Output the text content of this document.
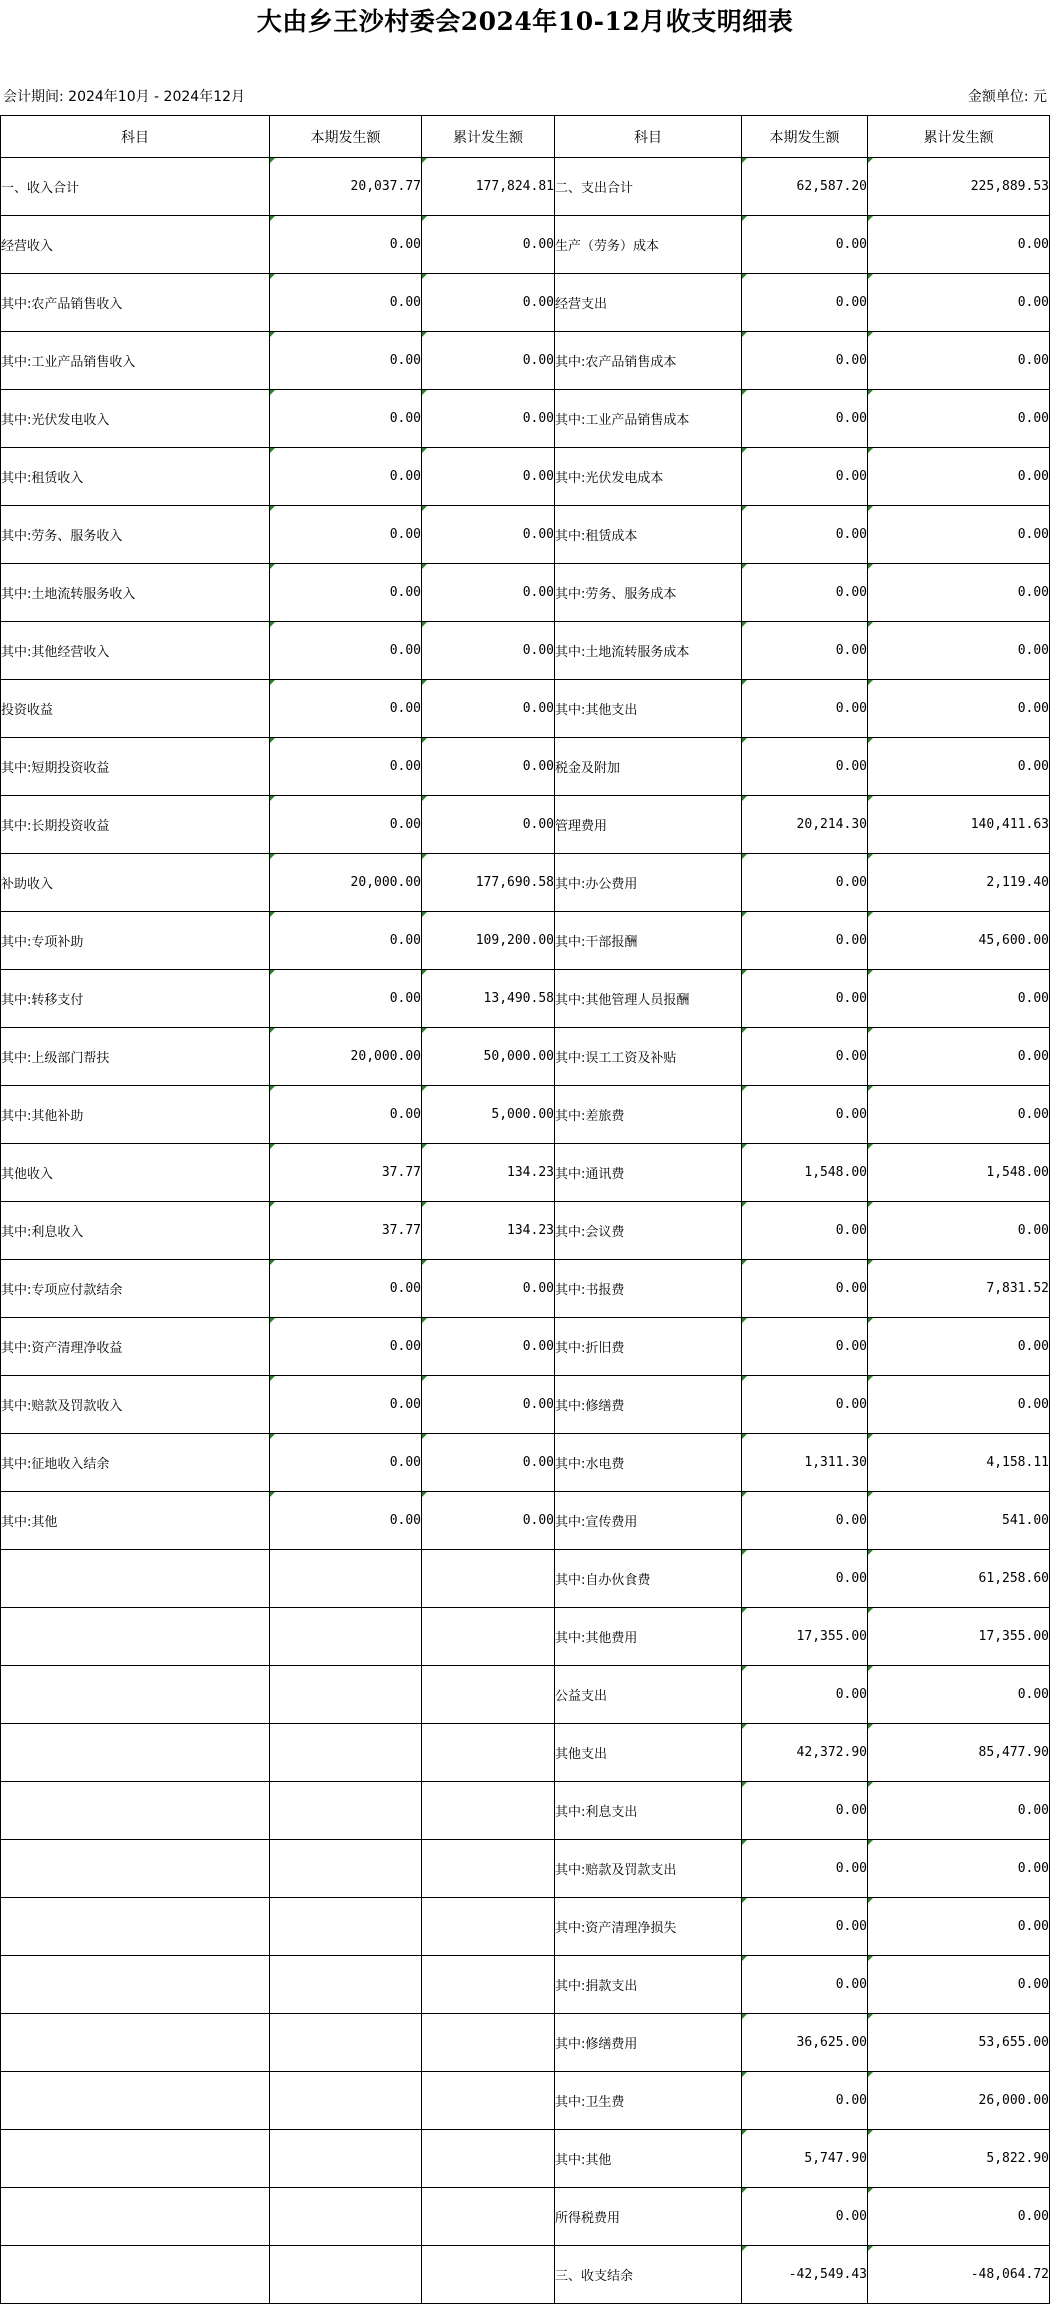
大由乡王沙村委会2024年10-12月收支明细表
会计期间: 2024年10月 - 2024年12月	金额单位: 元
科目	本期发生额	累计发生额	科目	本期发生额	累计发生额
一、收入合计	20,037.77	177,824.81	二、支出合计	62,587.20	225,889.53
经营收入	0.00	0.00	生产（劳务）成本	0.00	0.00
其中:农产品销售收入	0.00	0.00	经营支出	0.00	0.00
其中:工业产品销售收入	0.00	0.00	其中:农产品销售成本	0.00	0.00
其中:光伏发电收入	0.00	0.00	其中:工业产品销售成本	0.00	0.00
其中:租赁收入	0.00	0.00	其中:光伏发电成本	0.00	0.00
其中:劳务、服务收入	0.00	0.00	其中:租赁成本	0.00	0.00
其中:土地流转服务收入	0.00	0.00	其中:劳务、服务成本	0.00	0.00
其中:其他经营收入	0.00	0.00	其中:土地流转服务成本	0.00	0.00
投资收益	0.00	0.00	其中:其他支出	0.00	0.00
其中:短期投资收益	0.00	0.00	税金及附加	0.00	0.00
其中:长期投资收益	0.00	0.00	管理费用	20,214.30	140,411.63
补助收入	20,000.00	177,690.58	其中:办公费用	0.00	2,119.40
其中:专项补助	0.00	109,200.00	其中:干部报酬	0.00	45,600.00
其中:转移支付	0.00	13,490.58	其中:其他管理人员报酬	0.00	0.00
其中:上级部门帮扶	20,000.00	50,000.00	其中:误工工资及补贴	0.00	0.00
其中:其他补助	0.00	5,000.00	其中:差旅费	0.00	0.00
其他收入	37.77	134.23	其中:通讯费	1,548.00	1,548.00
其中:利息收入	37.77	134.23	其中:会议费	0.00	0.00
其中:专项应付款结余	0.00	0.00	其中:书报费	0.00	7,831.52
其中:资产清理净收益	0.00	0.00	其中:折旧费	0.00	0.00
其中:赔款及罚款收入	0.00	0.00	其中:修缮费	0.00	0.00
其中:征地收入结余	0.00	0.00	其中:水电费	1,311.30	4,158.11
其中:其他	0.00	0.00	其中:宣传费用	0.00	541.00
			其中:自办伙食费	0.00	61,258.60
			其中:其他费用	17,355.00	17,355.00
			公益支出	0.00	0.00
			其他支出	42,372.90	85,477.90
			其中:利息支出	0.00	0.00
			其中:赔款及罚款支出	0.00	0.00
			其中:资产清理净损失	0.00	0.00
			其中:捐款支出	0.00	0.00
			其中:修缮费用	36,625.00	53,655.00
			其中:卫生费	0.00	26,000.00
			其中:其他	5,747.90	5,822.90
			所得税费用	0.00	0.00
			三、收支结余	-42,549.43	-48,064.72
